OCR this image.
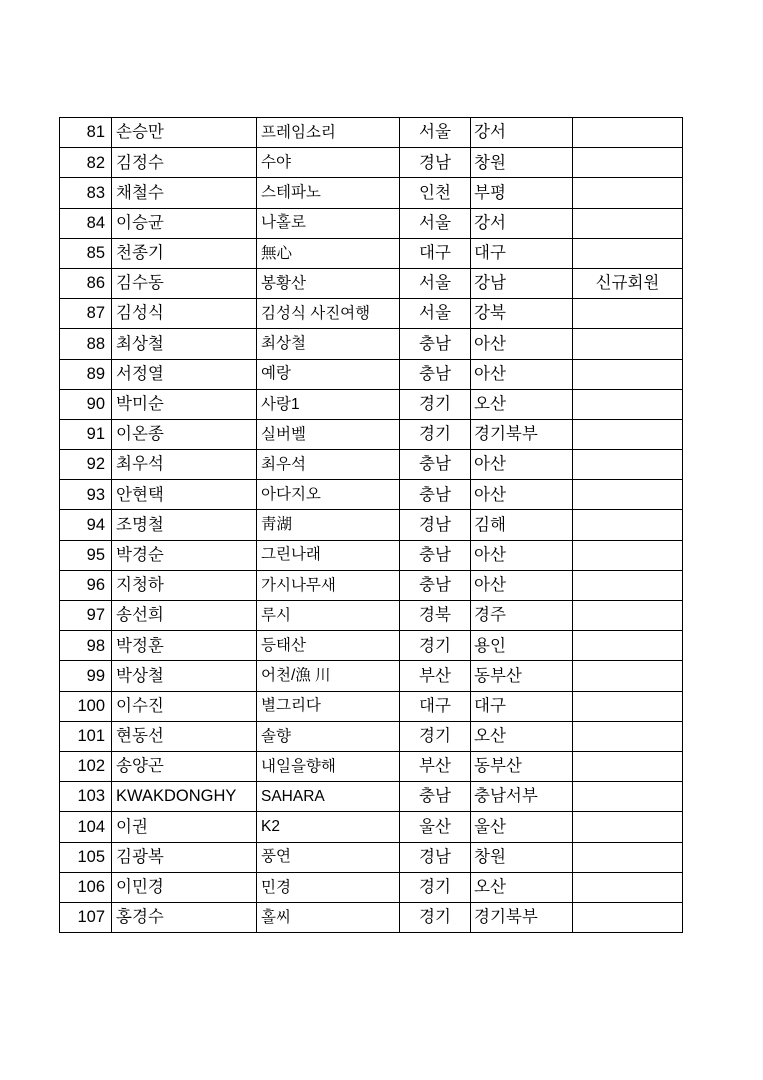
81	손승만	프레임소리	서울	강서	
82	김정수	수야	경남	창원	
83	채철수	스테파노	인천	부평	
84	이승균	나홀로	서울	강서	
85	천종기	無心	대구	대구	
86	김수동	봉황산	서울	강남	신규회원
87	김성식	김성식 사진여행	서울	강북	
88	최상철	최상철	충남	아산	
89	서정열	예랑	충남	아산	
90	박미순	사랑1	경기	오산	
91	이온종	실버벨	경기	경기북부	
92	최우석	최우석	충남	아산	
93	안현택	아다지오	충남	아산	
94	조명철	靑湖	경남	김해	
95	박경순	그린나래	충남	아산	
96	지청하	가시나무새	충남	아산	
97	송선희	루시	경북	경주	
98	박정훈	등태산	경기	용인	
99	박상철	어천/漁 川	부산	동부산	
100	이수진	별그리다	대구	대구	
101	현동선	솔향	경기	오산	
102	송양곤	내일을향해	부산	동부산	
103	KWAKDONGHY	SAHARA	충남	충남서부	
104	이권	K2	울산	울산	
105	김광복	풍연	경남	창원	
106	이민경	민경	경기	오산	
107	홍경수	홀씨	경기	경기북부	
